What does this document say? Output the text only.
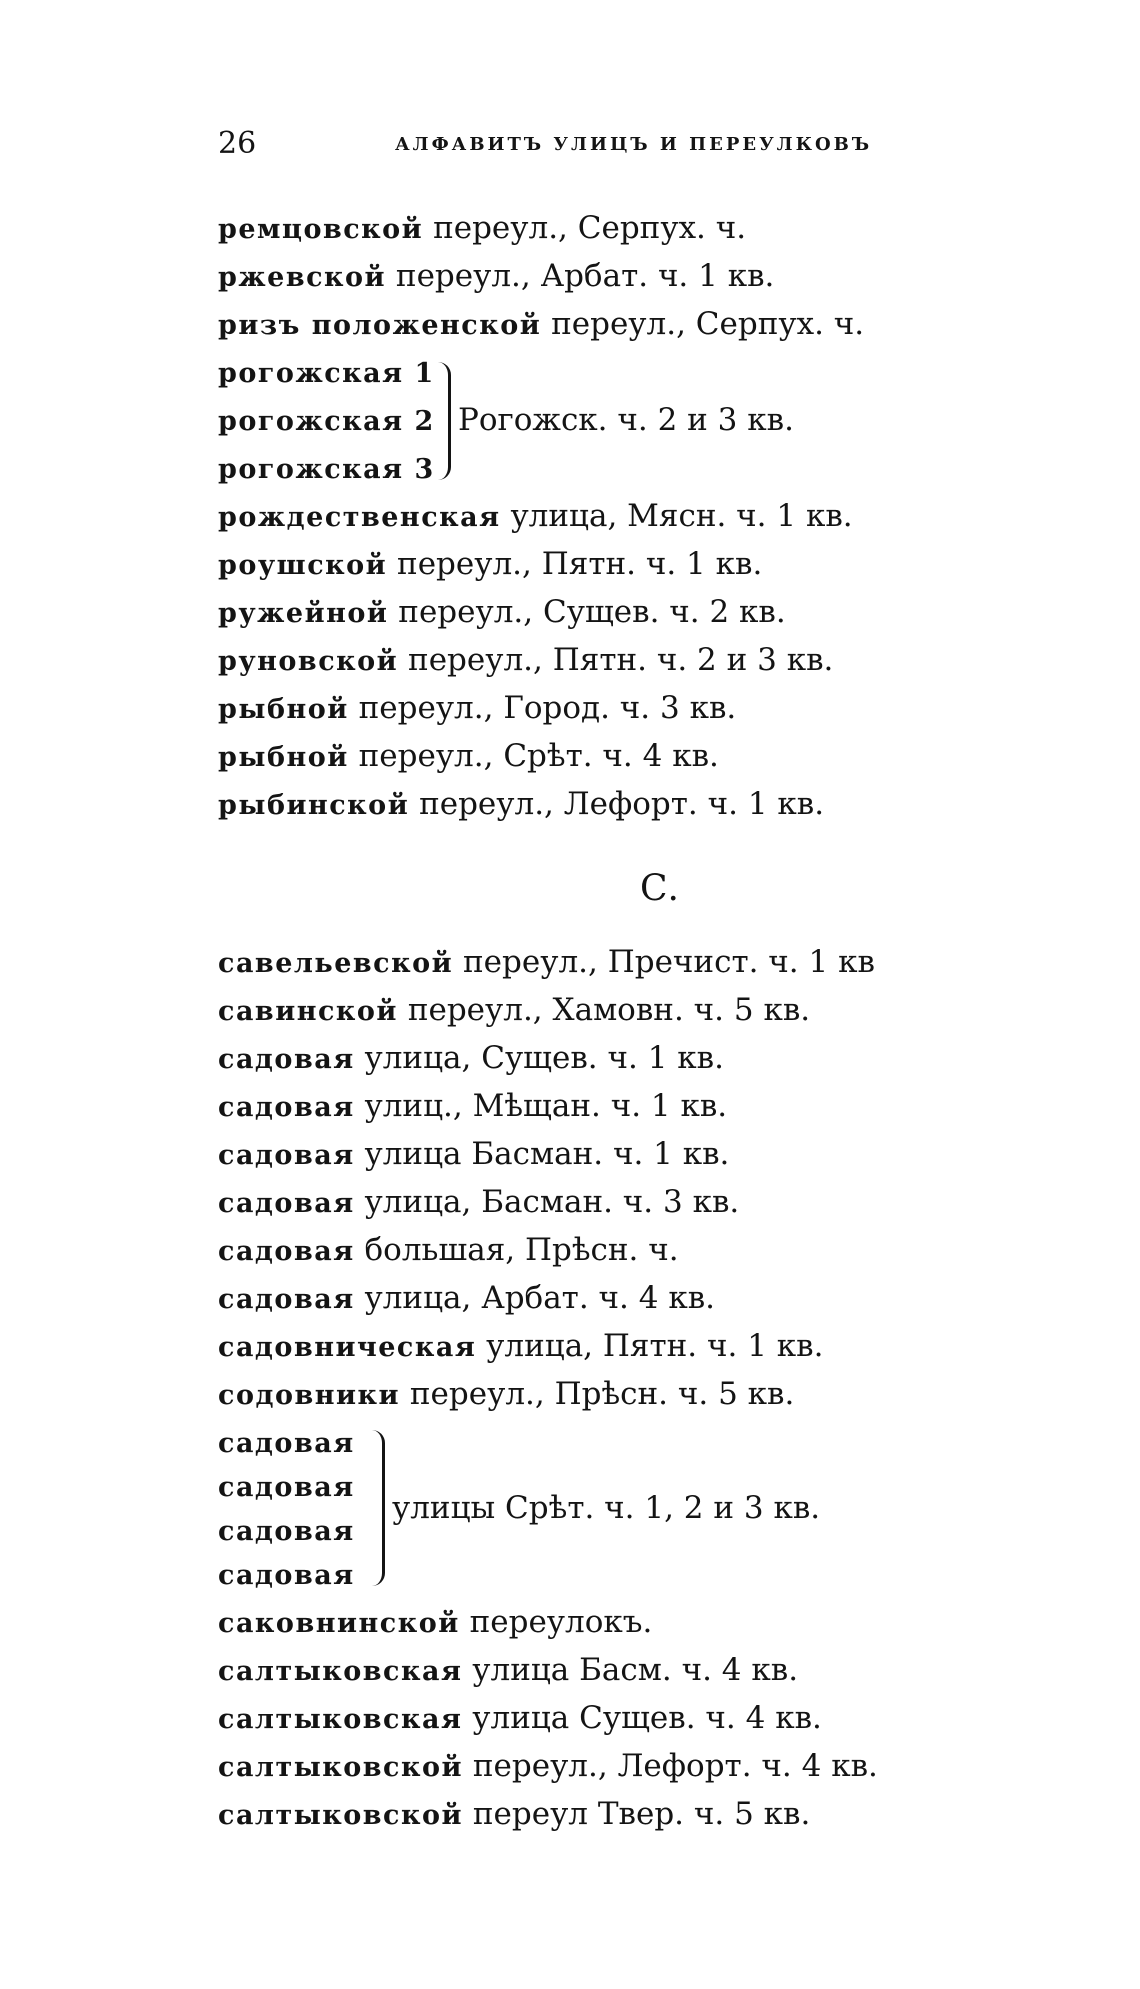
26	АЛФАВИТЪ УЛИЦЪ И ПЕРЕУЛКОВЪ
ремцовской переул., Серпух. ч.
ржевской переул., Арбат. ч. 1 кв.
ризъ положенской переул., Серпух. ч.
рогожская 1
рогожская 2
рогожская 3
Рогожск. ч. 2 и 3 кв.
рождественская улица, Мясн. ч. 1 кв.
роушской переул., Пятн. ч. 1 кв.
ружейной переул., Сущев. ч. 2 кв.
руновской переул., Пятн. ч. 2 и 3 кв.
рыбной переул., Город. ч. 3 кв.
рыбной переул., Срѣт. ч. 4 кв.
рыбинской переул., Лефорт. ч. 1 кв.
С.
савельевской переул., Пречист. ч. 1 кв
савинской переул., Хамовн. ч. 5 кв.
садовая улица, Сущев. ч. 1 кв.
садовая улиц., Мѣщан. ч. 1 кв.
садовая улица Басман. ч. 1 кв.
садовая улица, Басман. ч. 3 кв.
садовая большая, Прѣсн. ч.
садовая улица, Арбат. ч. 4 кв.
садовническая улица, Пятн. ч. 1 кв.
содовники переул., Прѣсн. ч. 5 кв.
садовая
садовая
садовая
садовая
улицы Срѣт. ч. 1, 2 и 3 кв.
саковнинской переулокъ.
салтыковская улица Басм. ч. 4 кв.
салтыковская улица Сущев. ч. 4 кв.
салтыковской переул., Лефорт. ч. 4 кв.
салтыковской переул Твер. ч. 5 кв.
